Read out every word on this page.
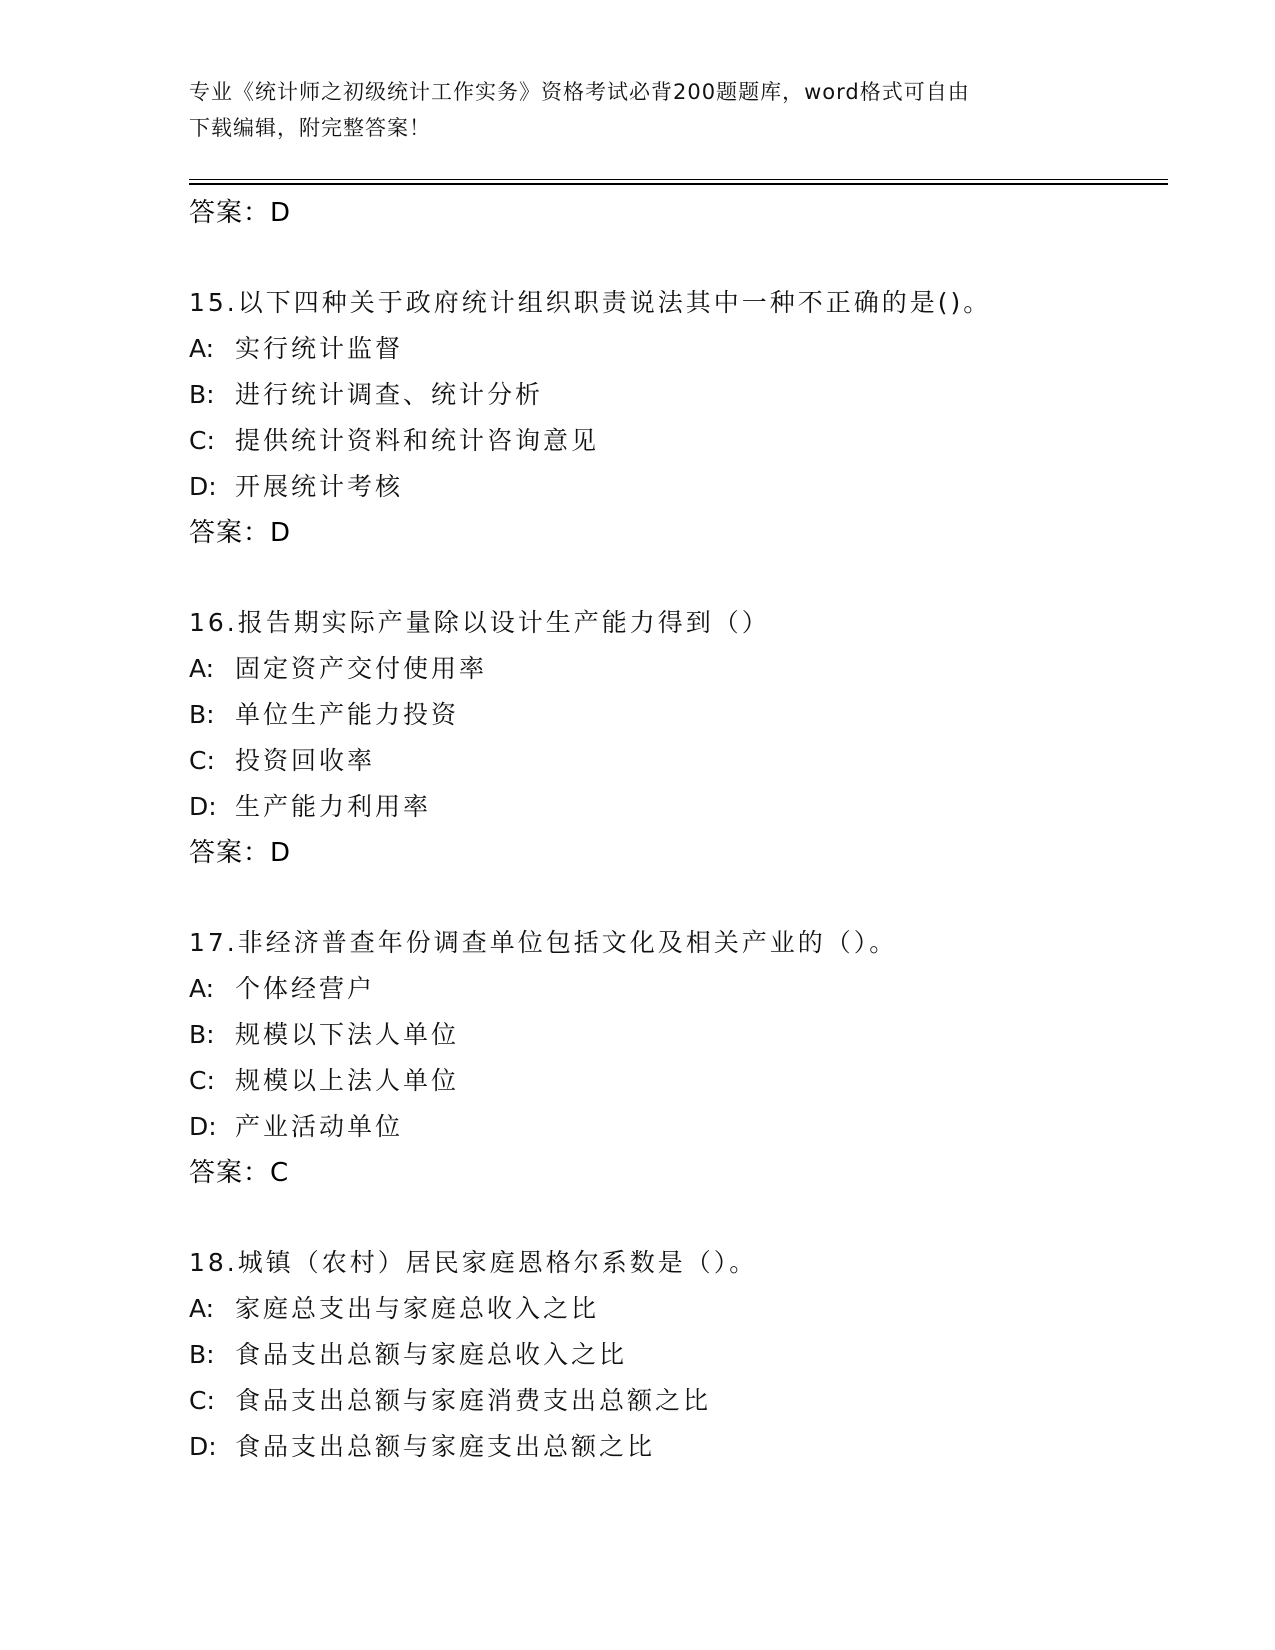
专业《统计师之初级统计工作实务》资格考试必背200题题库，word格式可自由
下载编辑，附完整答案！
答案：D
15.以下四种关于政府统计组织职责说法其中一种不正确的是()。
A: 实行统计监督
B: 进行统计调查、统计分析
C: 提供统计资料和统计咨询意见
D: 开展统计考核
答案：D
16.报告期实际产量除以设计生产能力得到（）
A: 固定资产交付使用率
B: 单位生产能力投资
C: 投资回收率
D: 生产能力利用率
答案：D
17.非经济普查年份调查单位包括文化及相关产业的（）。
A: 个体经营户
B: 规模以下法人单位
C: 规模以上法人单位
D: 产业活动单位
答案：C
18.城镇（农村）居民家庭恩格尔系数是（）。
A: 家庭总支出与家庭总收入之比
B: 食品支出总额与家庭总收入之比
C: 食品支出总额与家庭消费支出总额之比
D: 食品支出总额与家庭支出总额之比
